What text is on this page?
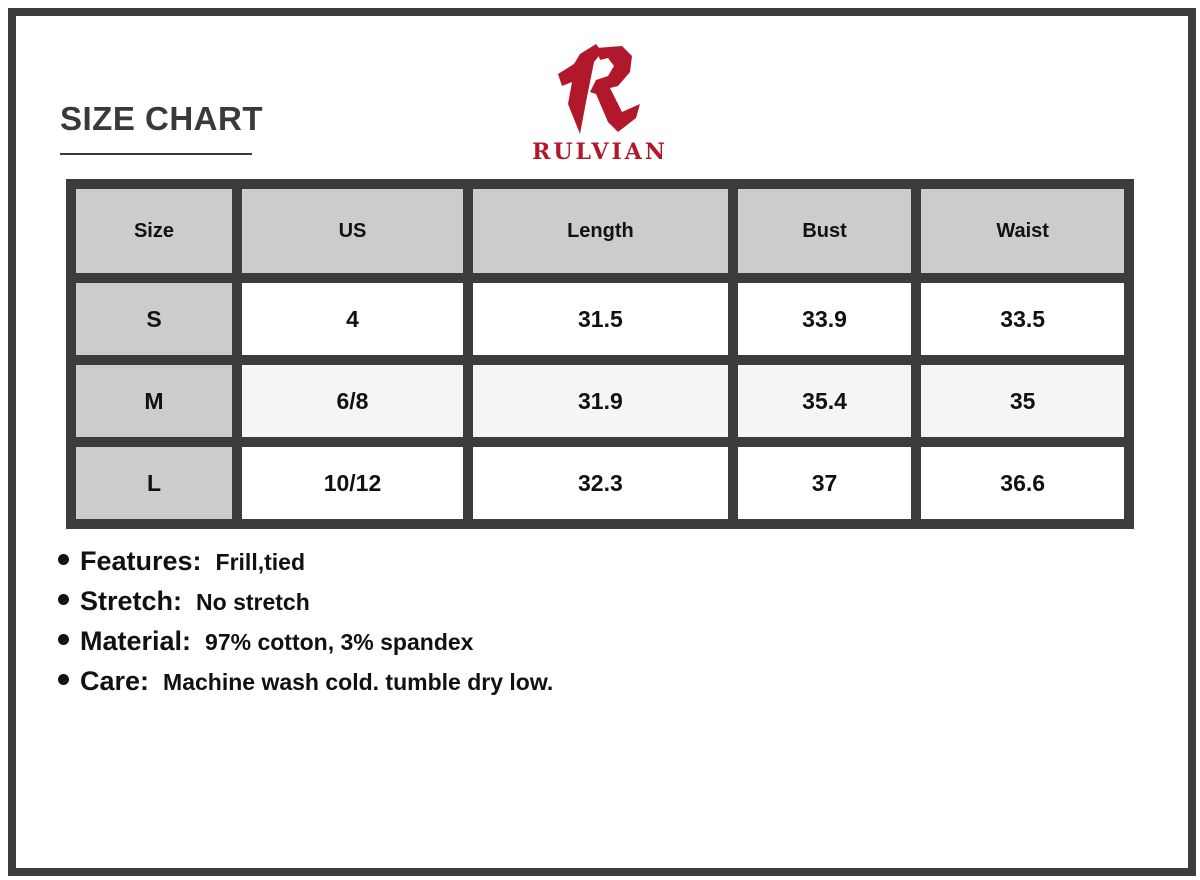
SIZE CHART
RULVIAN
Size	US	Length	Bust	Waist
S	4	31.5	33.9	33.5
M	6/8	31.9	35.4	35
L	10/12	32.3	37	36.6
Features: Frill,tied
Stretch: No stretch
Material: 97% cotton, 3% spandex
Care: Machine wash cold. tumble dry low.
